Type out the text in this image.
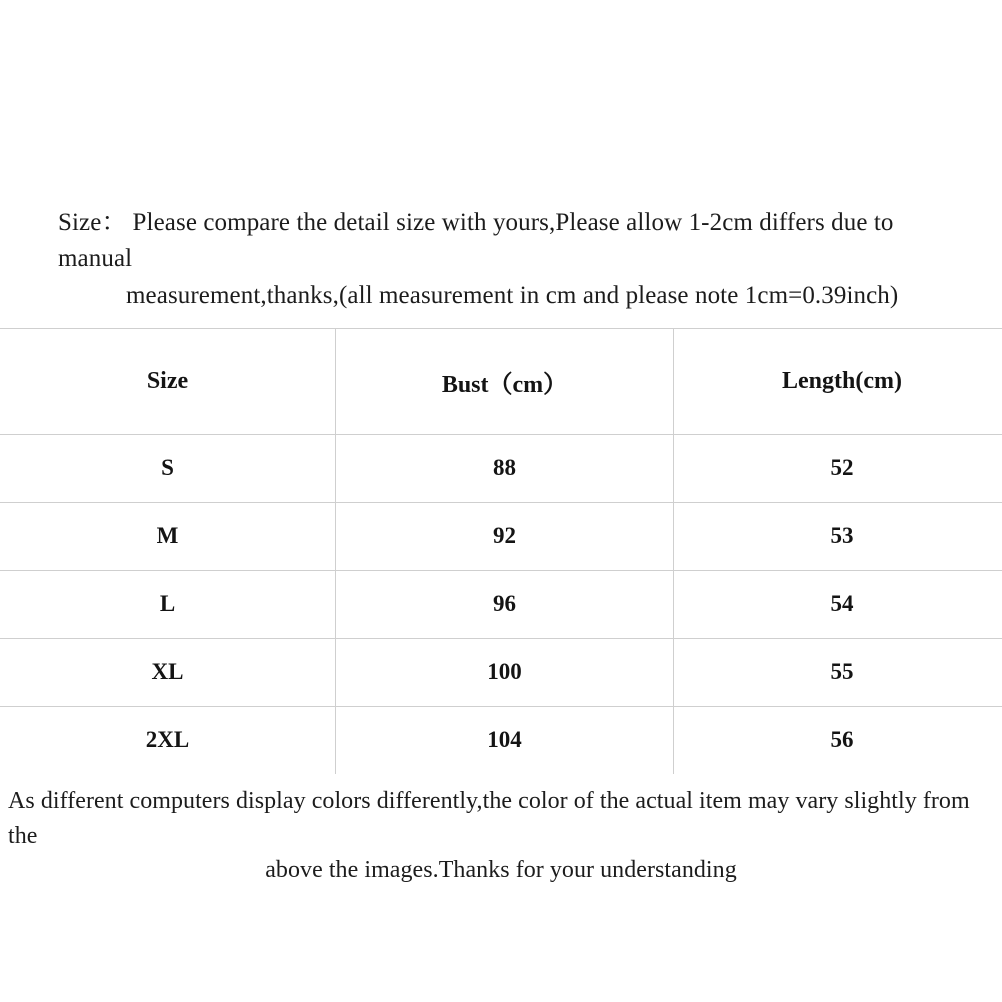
Size： Please compare the detail size with yours,Please allow 1-2cm differs due to manual
measurement,thanks,(all measurement in cm and please note 1cm=0.39inch)
Size	Bust（cm）	Length(cm)
S	88	52
M	92	53
L	96	54
XL	100	55
2XL	104	56
As different computers display colors differently,the color of the actual item may vary slightly from the
above the images.Thanks for your understanding
